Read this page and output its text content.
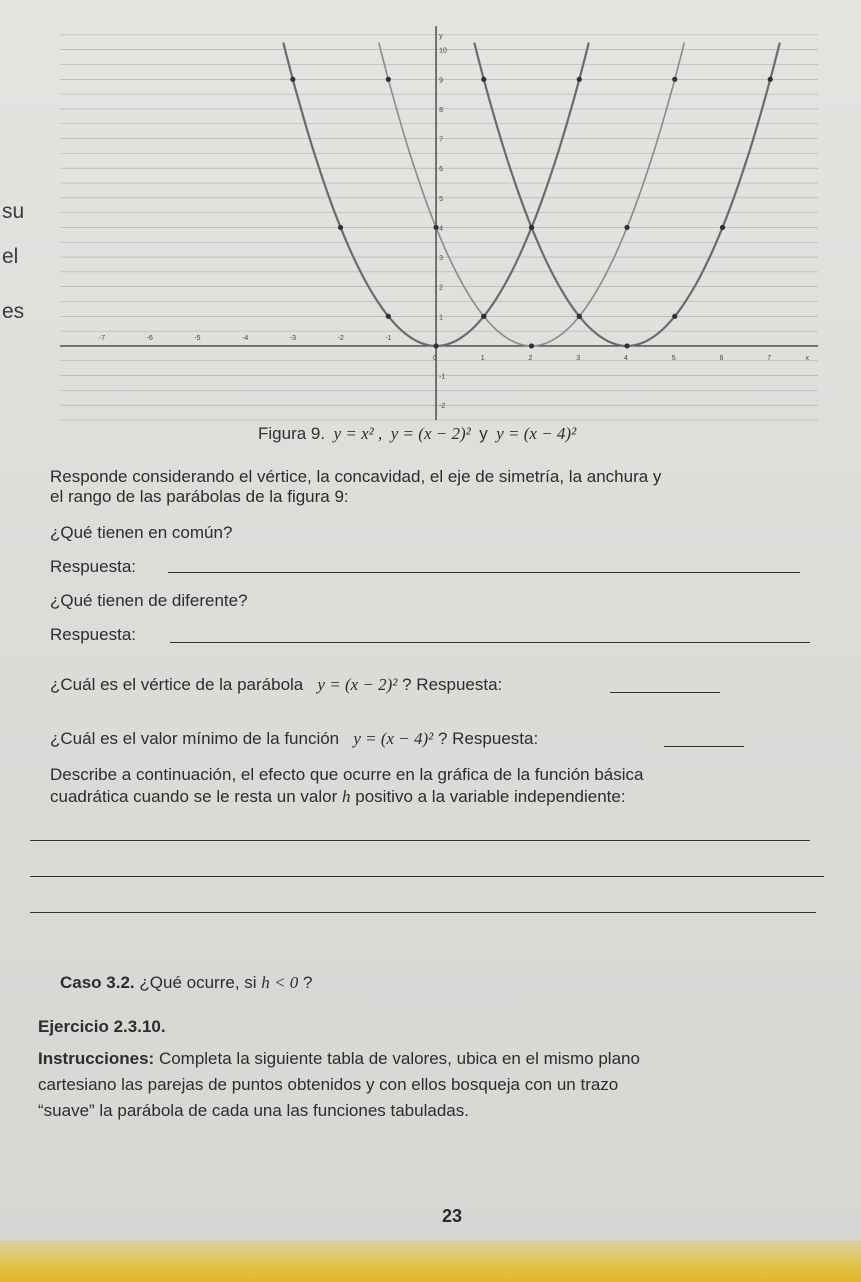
su
el
es
-7	-6	-5	-4	-3	-2	-1
0	1	2	3	4	5	6	7	x
10
9
8
7
6
5
4
3
2
1
-1
-2
y
Figura 9. y = x² , y = (x − 2)² y y = (x − 4)²
Responde considerando el vértice, la concavidad, el eje de simetría, la anchura y
el rango de las parábolas de la figura 9:
¿Qué tienen en común?
Respuesta:
¿Qué tienen de diferente?
Respuesta:
¿Cuál es el vértice de la parábola y = (x − 2)² ? Respuesta:
¿Cuál es el valor mínimo de la función y = (x − 4)² ? Respuesta:
Describe a continuación, el efecto que ocurre en la gráfica de la función básica
cuadrática cuando se le resta un valor h positivo a la variable independiente:
Caso 3.2. ¿Qué ocurre, si h < 0 ?
Ejercicio 2.3.10.
Instrucciones: Completa la siguiente tabla de valores, ubica en el mismo plano
cartesiano las parejas de puntos obtenidos y con ellos bosqueja con un trazo
“suave” la parábola de cada una las funciones tabuladas.
23
